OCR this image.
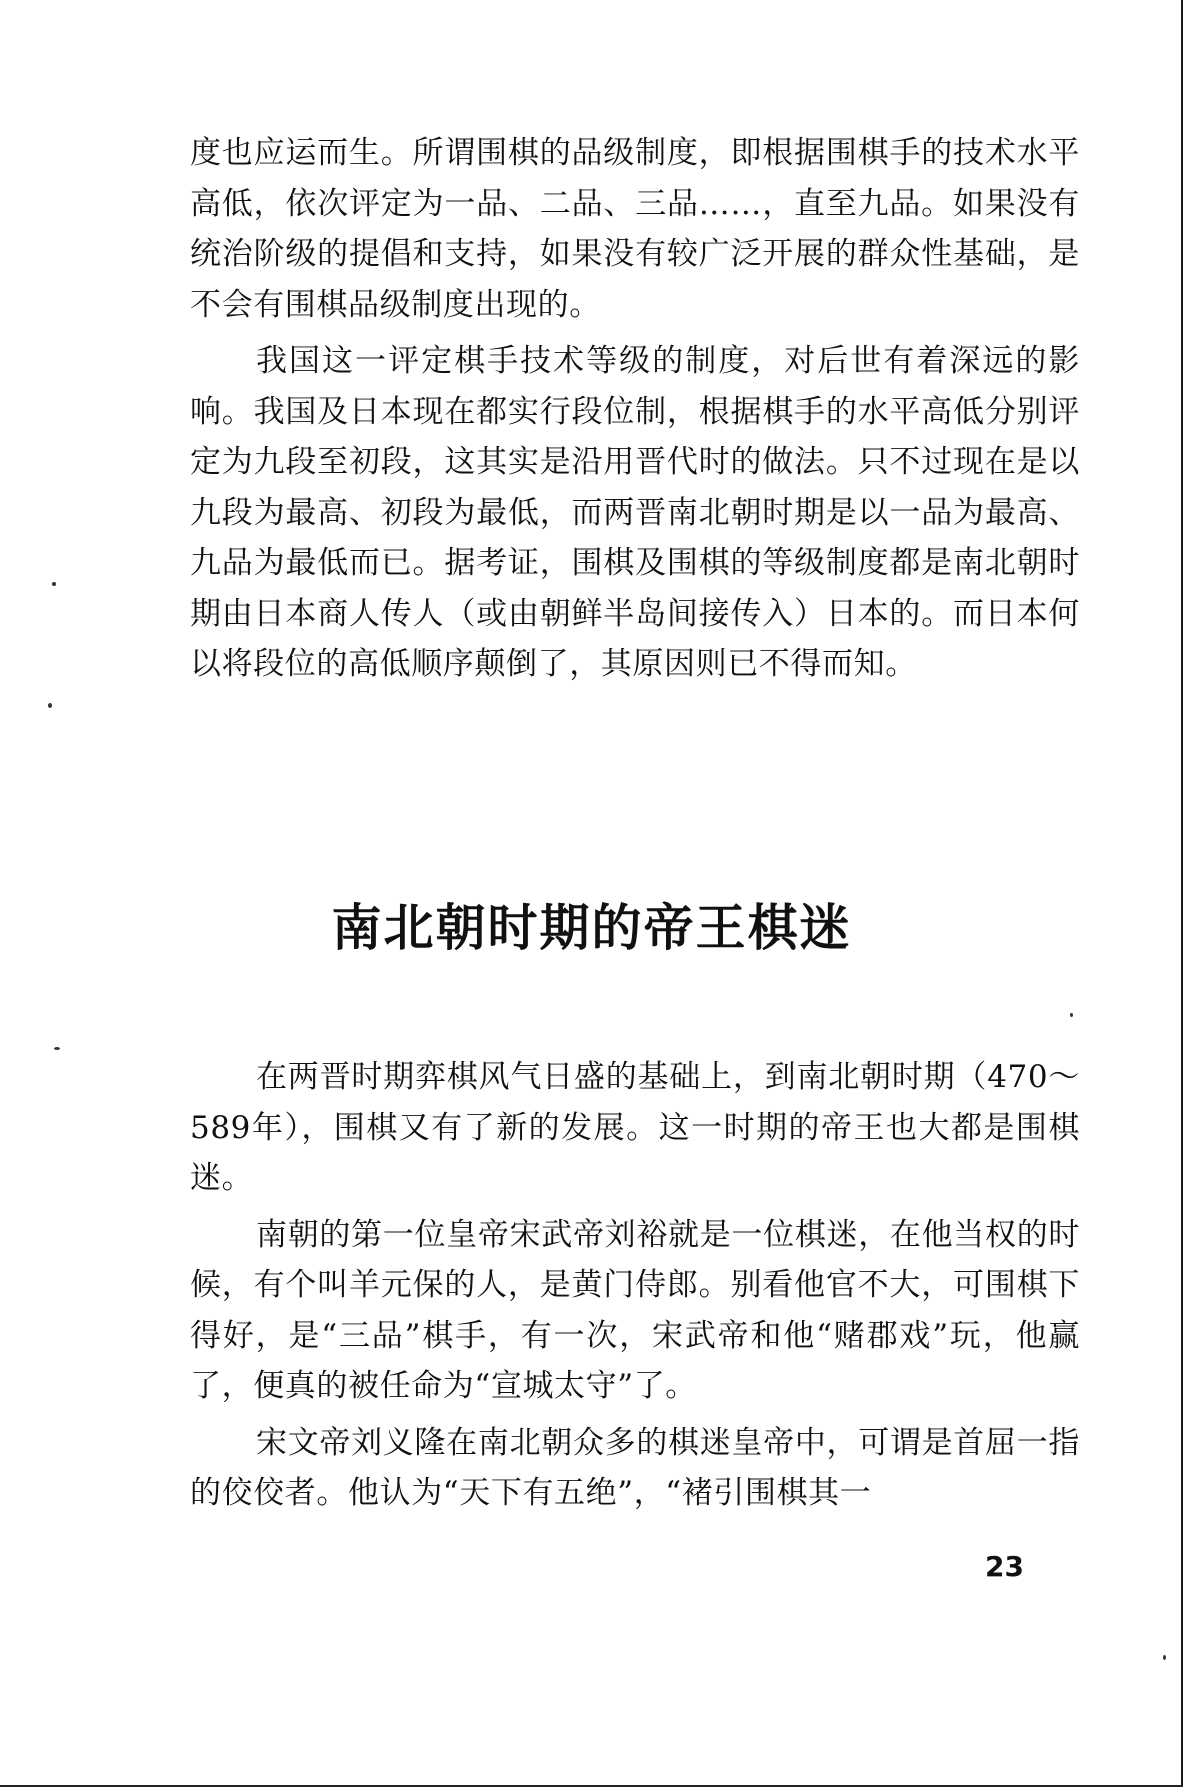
度也应运而生。所谓围棋的品级制度，即根据围棋手的技术水平高低，依次评定为一品、二品、三品……，直至九品。如果没有统治阶级的提倡和支持，如果没有较广泛开展的群众性基础，是不会有围棋品级制度出现的。

我国这一评定棋手技术等级的制度，对后世有着深远的影响。我国及日本现在都实行段位制，根据棋手的水平高低分别评定为九段至初段，这其实是沿用晋代时的做法。只不过现在是以九段为最高、初段为最低，而两晋南北朝时期是以一品为最高、九品为最低而已。据考证，围棋及围棋的等级制度都是南北朝时期由日本商人传人（或由朝鲜半岛间接传入）日本的。而日本何以将段位的高低顺序颠倒了，其原因则已不得而知。

南北朝时期的帝王棋迷

在两晋时期弈棋风气日盛的基础上，到南北朝时期（470～589年），围棋又有了新的发展。这一时期的帝王也大都是围棋迷。

南朝的第一位皇帝宋武帝刘裕就是一位棋迷，在他当权的时候，有个叫羊元保的人，是黄门侍郎。别看他官不大，可围棋下得好，是“三品”棋手，有一次，宋武帝和他“赌郡戏”玩，他赢了，便真的被任命为“宣城太守”了。

宋文帝刘义隆在南北朝众多的棋迷皇帝中，可谓是首屈一指的佼佼者。他认为“天下有五绝”，“褚引围棋其一

23
